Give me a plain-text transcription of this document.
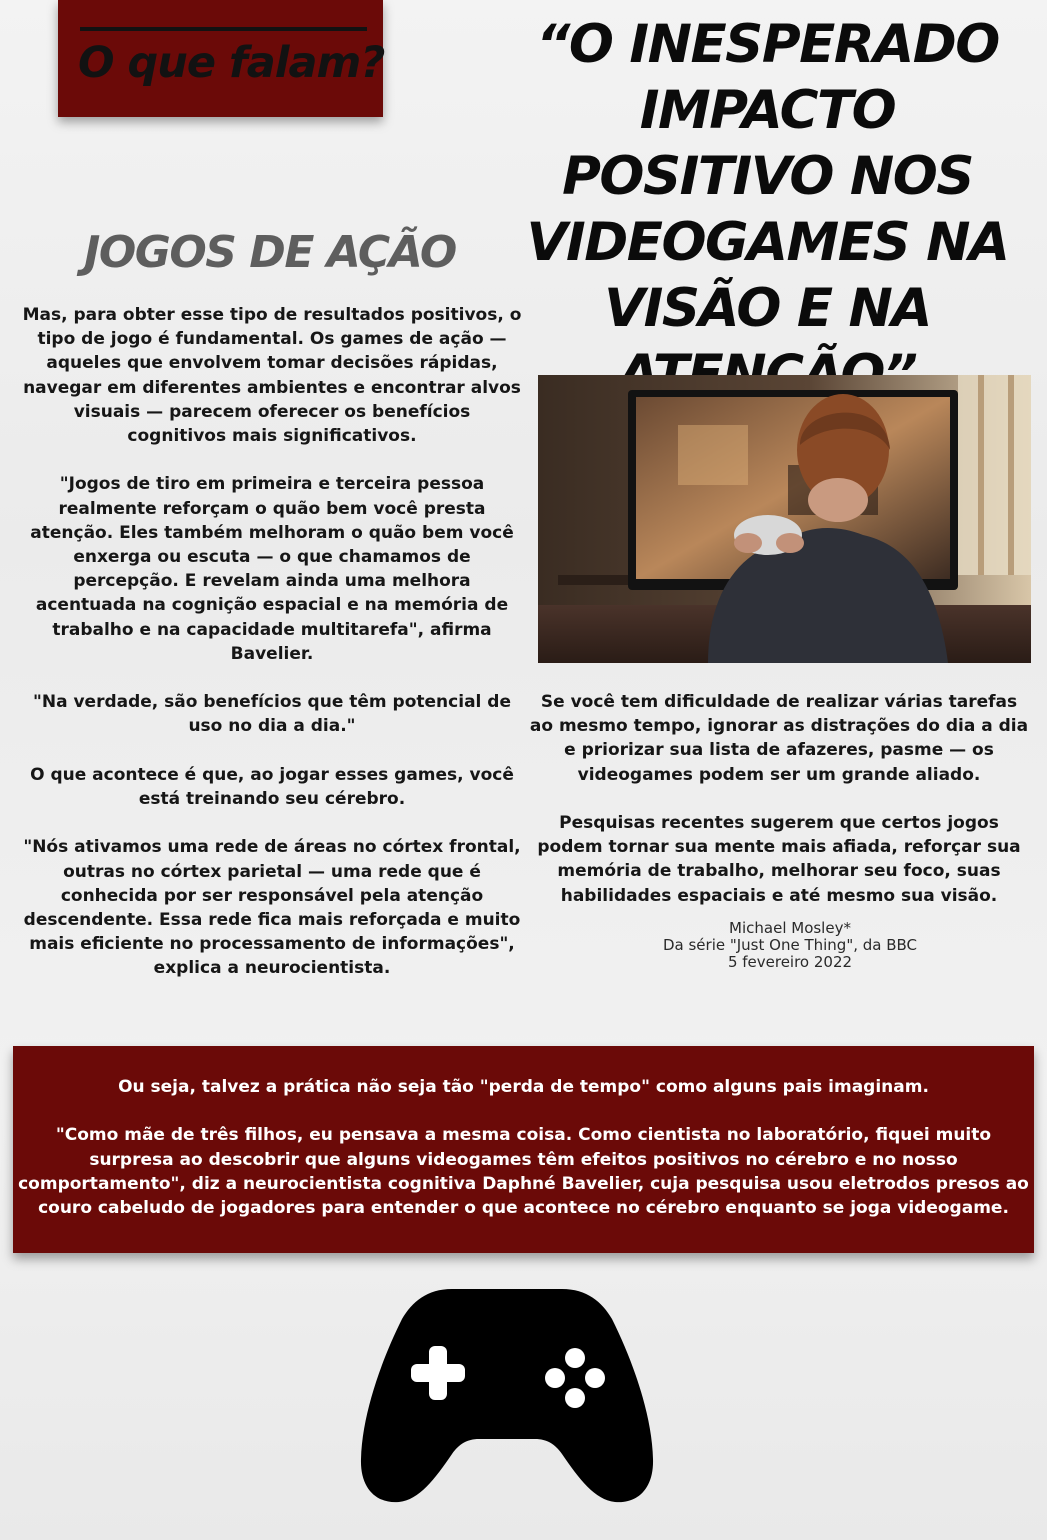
O que falam?	“O INESPERADO IMPACTO POSITIVO NOS VIDEOGAMES NA VISÃO E NA
JOGOS DE AÇÃO

Mas, para obter esse tipo de resultados positivos, o tipo de jogo é fundamental. Os games de ação — aqueles que envolvem tomar decisões rápidas, navegar em diferentes ambientes e encontrar alvos visuais — parecem oferecer os benefícios cognitivos mais significativos.

"Jogos de tiro em primeira e terceira pessoa realmente reforçam o quão bem você presta atenção. Eles também melhoram o quão bem você enxerga ou escuta — o que chamamos de percepção. E revelam ainda uma melhora acentuada na cognição espacial e na memória de trabalho e na capacidade multitarefa", afirma Bavelier.

"Na verdade, são benefícios que têm potencial de uso no dia a dia."

O que acontece é que, ao jogar esses games, você está treinando seu cérebro.

"Nós ativamos uma rede de áreas no córtex frontal, outras no córtex parietal — uma rede que é conhecida por ser responsável pela atenção descendente. Essa rede fica mais reforçada e muito mais eficiente no processamento de informações", explica a neurocientista.

Se você tem dificuldade de realizar várias tarefas ao mesmo tempo, ignorar as distrações do dia a dia e priorizar sua lista de afazeres, pasme — os videogames podem ser um grande aliado.

Pesquisas recentes sugerem que certos jogos podem tornar sua mente mais afiada, reforçar sua memória de trabalho, melhorar seu foco, suas habilidades espaciais e até mesmo sua visão.

Michael Mosley*
Da série "Just One Thing", da BBC
5 fevereiro 2022

Ou seja, talvez a prática não seja tão "perda de tempo" como alguns pais imaginam.

"Como mãe de três filhos, eu pensava a mesma coisa. Como cientista no laboratório, fiquei muito surpresa ao descobrir que alguns videogames têm efeitos positivos no cérebro e no nosso comportamento", diz a neurocientista cognitiva Daphné Bavelier, cuja pesquisa usou eletrodos presos ao couro cabeludo de jogadores para entender o que acontece no cérebro enquanto se joga videogame.
